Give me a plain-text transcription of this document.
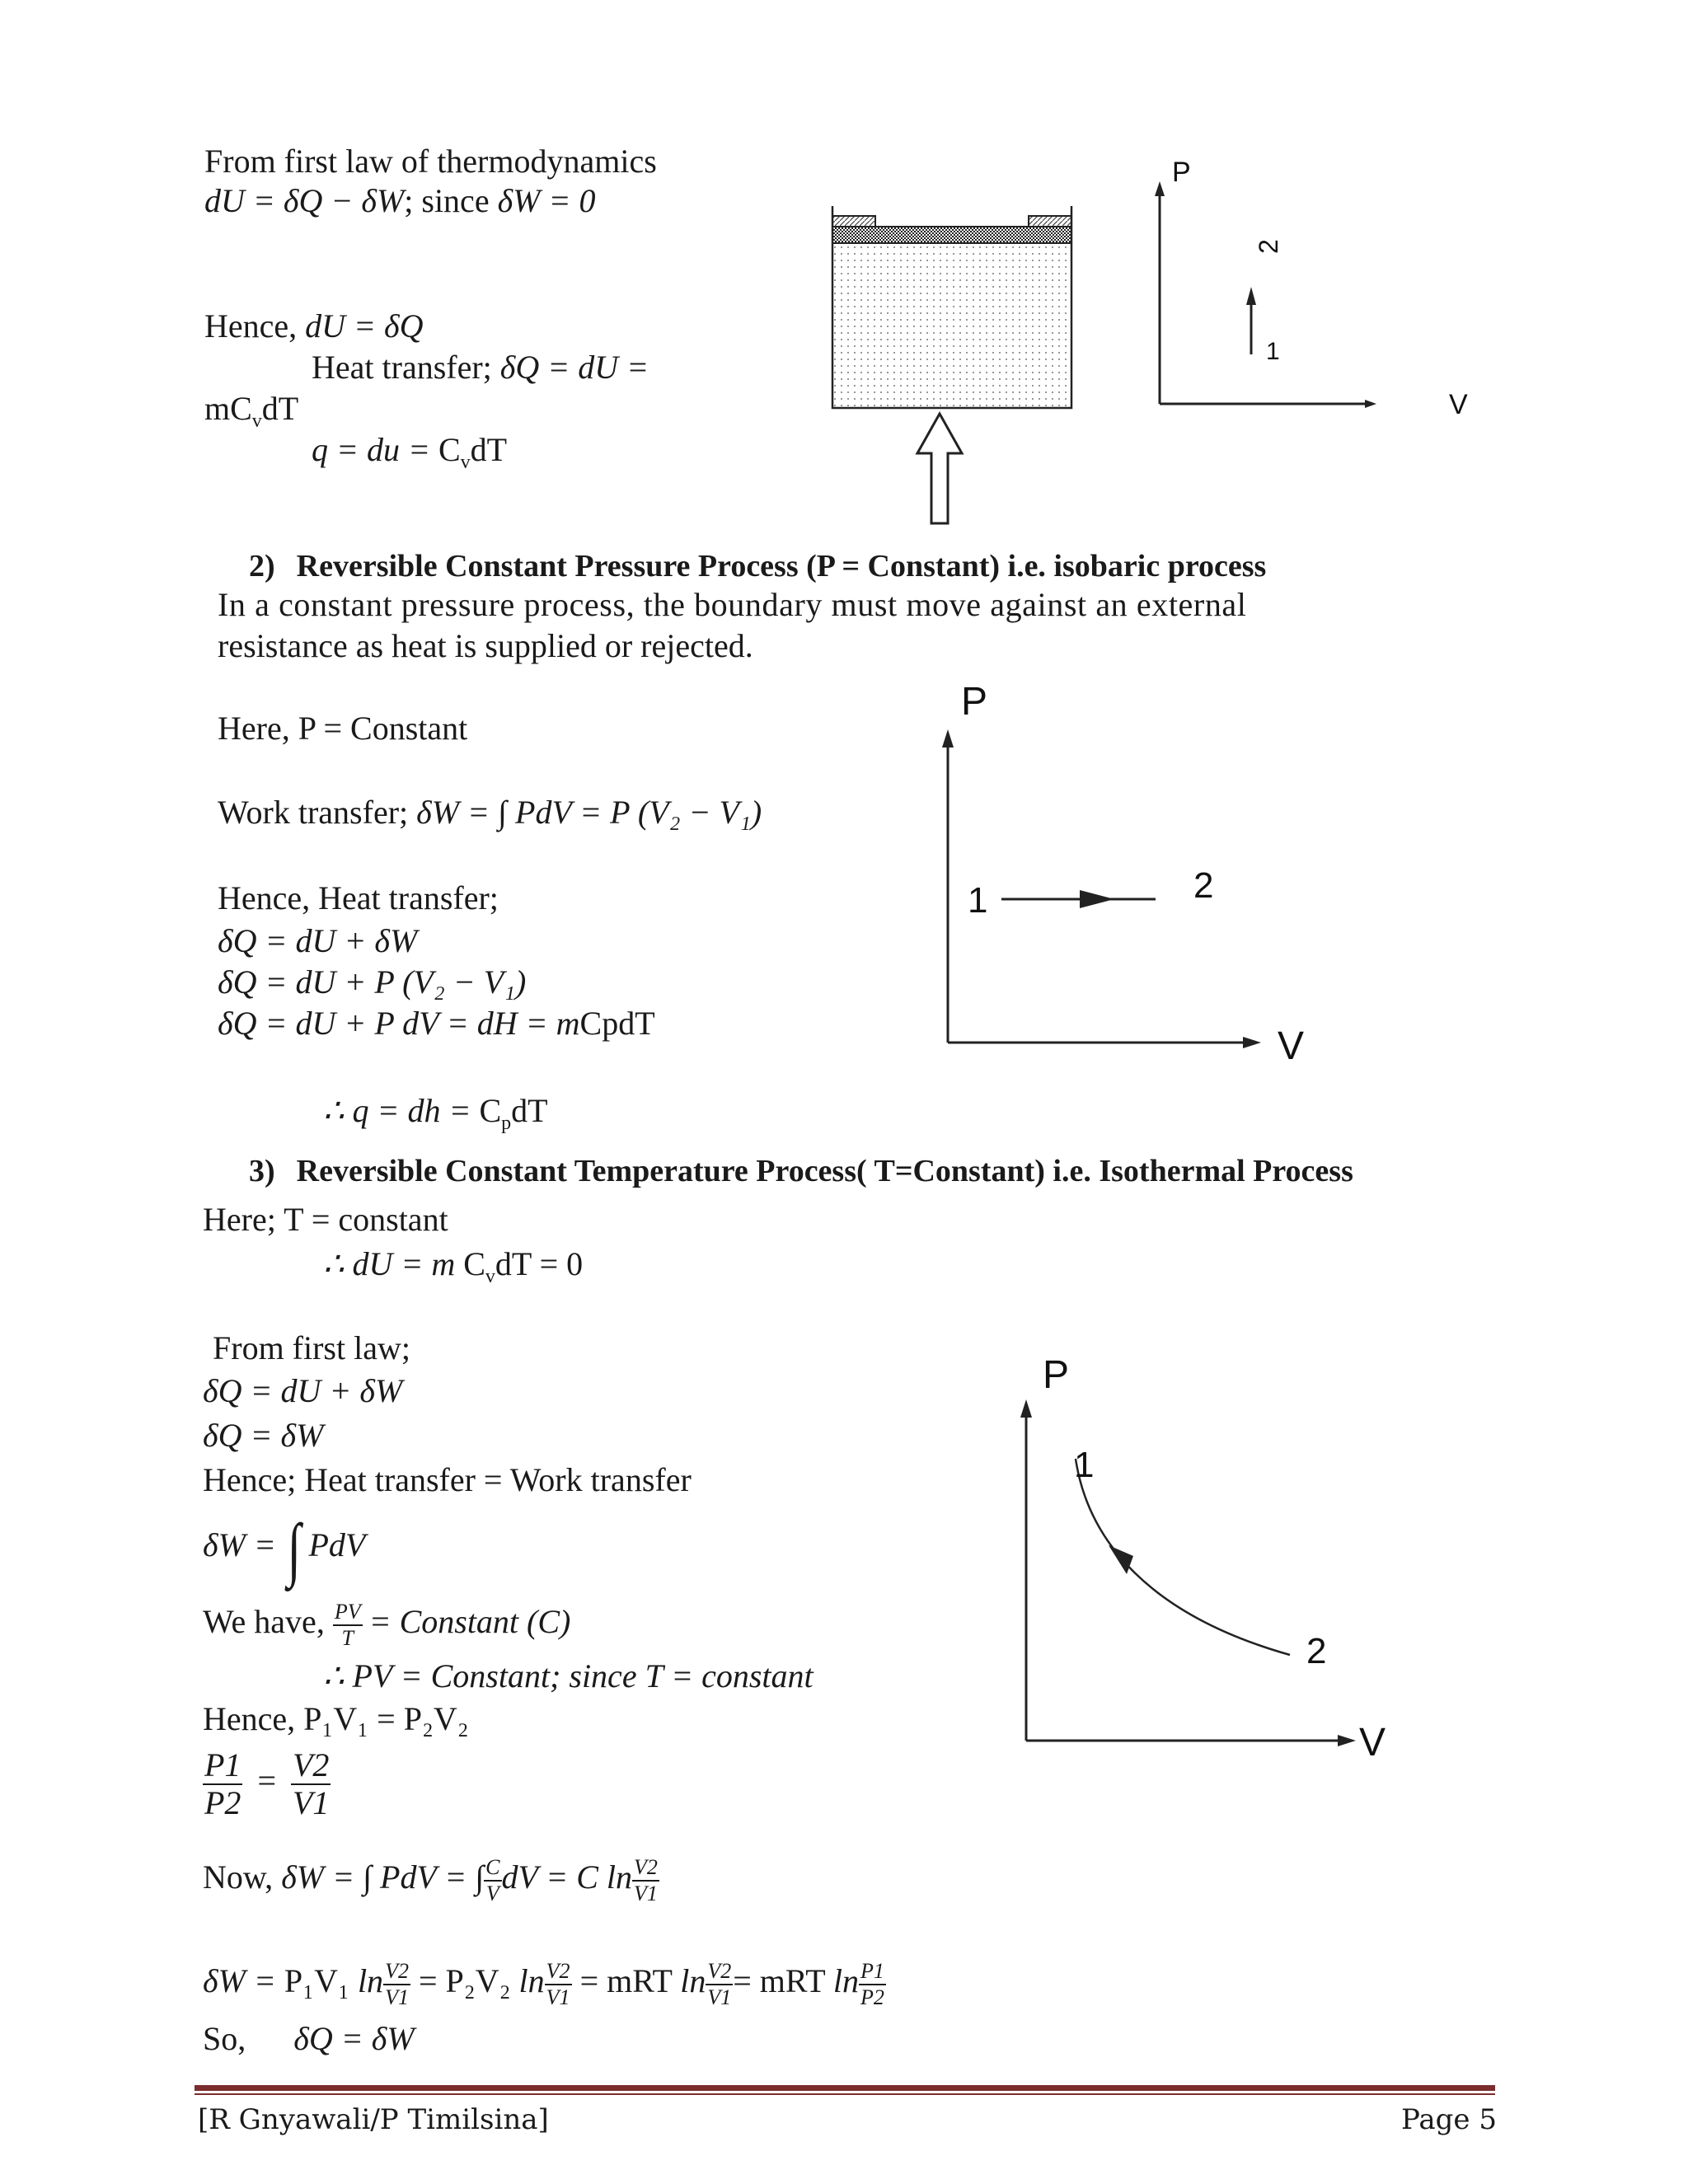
From first law of thermodynamics
dU = δQ − δW; since δW = 0
Hence, dU = δQ
Heat transfer; δQ = dU =
$mC_vdT$
q = du = $C_vdT$
P
V
2
1
2) Reversible Constant Pressure Process (P = Constant) i.e. isobaric process
In a constant pressure process, the boundary must move against an external
resistance as heat is supplied or rejected.
Here, P = Constant
Work transfer; δW = ∫ PdV = P (V₂ − V₁)
Hence, Heat transfer;
δQ = dU + δW
δQ = dU + P (V₂ − V₁)
δQ = dU + P dV = dH = mCpdT
∴ q = dh = $C_pdT$
P
V
1	2
3) Reversible Constant Temperature Process( T=Constant) i.e. Isothermal Process
Here; T = constant
∴ dU = m $C_vdT = 0$
From first law;
δQ = dU + δW
δQ = δW
Hence; Heat transfer = Work transfer
δW = ∫ PdV
We have, $\frac{PV}{T}$ = Constant (C)
∴ PV = Constant; since T = constant
Hence, P₁V₁ = P₂V₂
$\frac{P1}{P2} = \frac{V2}{V1}$
Now, δW = ∫ PdV = ∫ $\frac{C}{V}$ dV = C $\ln \frac{V2}{V1}$
δW = P₁V₁ $\ln \frac{V2}{V1} = P_2V_2$ $\ln \frac{V2}{V1}$ = mRT $\ln \frac{V2}{V1}$ = mRT $\ln \frac{P1}{P2}$
So, δQ = δW
P
V
1
2
[R Gnyawali/P Timilsina]	Page 5
